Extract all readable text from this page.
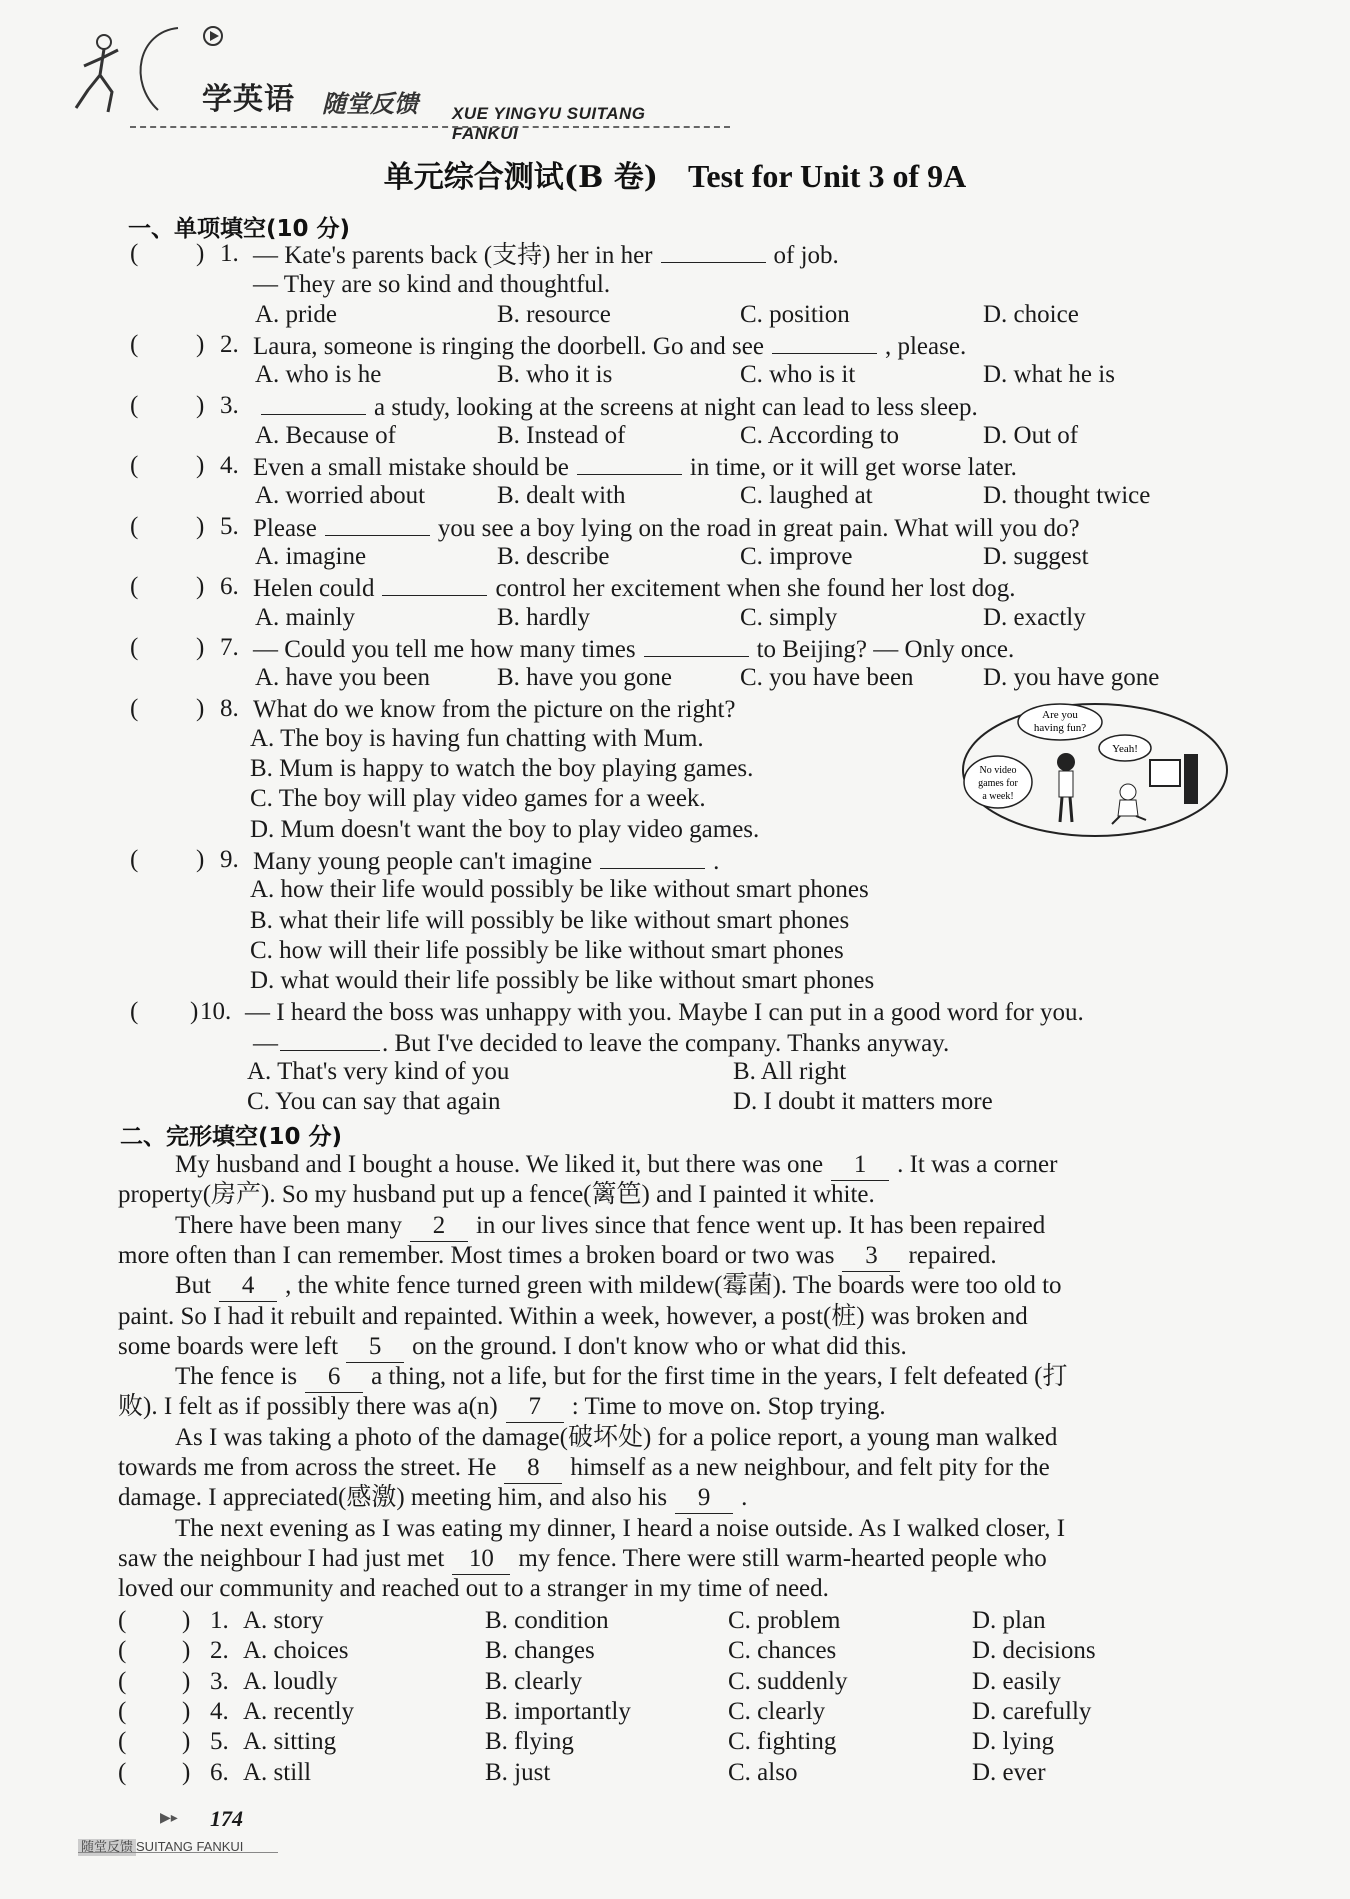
学英语 随堂反馈 XUE YINGYU SUITANG FANKUI
单元综合测试(B 卷) Test for Unit 3 of 9A
一、单项填空(10 分)
( ) 1. — Kate's parents back (支持) her in her	of job.
— They are so kind and thoughtful.
A. pride	B. resource	C. position	D. choice
( ) 2. Laura, someone is ringing the doorbell. Go and see	, please.
A. who is he	B. who it is	C. who is it	D. what he is
( ) 3.	a study, looking at the screens at night can lead to less sleep.
A. Because of	B. Instead of	C. According to	D. Out of
( ) 4. Even a small mistake should be	in time, or it will get worse later.
A. worried about	B. dealt with	C. laughed at	D. thought twice
( ) 5. Please	you see a boy lying on the road in great pain. What will you do?
A. imagine	B. describe	C. improve	D. suggest
( ) 6. Helen could	control her excitement when she found her lost dog.
A. mainly	B. hardly	C. simply	D. exactly
( ) 7. — Could you tell me how many times	to Beijing? — Only once.
A. have you been	B. have you gone	C. you have been	D. you have gone
( ) 8. What do we know from the picture on the right?
A. The boy is having fun chatting with Mum.
B. Mum is happy to watch the boy playing games.
C. The boy will play video games for a week.
D. Mum doesn't want the boy to play video games.
( ) 9. Many young people can't imagine	.
A. how their life would possibly be like without smart phones
B. what their life will possibly be like without smart phones
C. how will their life possibly be like without smart phones
D. what would their life possibly be like without smart phones
( ) 10. — I heard the boss was unhappy with you. Maybe I can put in a good word for you.
—	. But I've decided to leave the company. Thanks anyway.
A. That's very kind of you	B. All right
C. You can say that again	D. I doubt it matters more
Are you
having fun?
Yeah!
No video
games for
a week!
二、完形填空(10 分)
My husband and I bought a house. We liked it, but there was one 1 . It was a corner
property(房产). So my husband put up a fence(篱笆) and I painted it white.
There have been many 2 in our lives since that fence went up. It has been repaired
more often than I can remember. Most times a broken board or two was 3 repaired.
But 4 , the white fence turned green with mildew(霉菌). The boards were too old to
paint. So I had it rebuilt and repainted. Within a week, however, a post(桩) was broken and
some boards were left 5 on the ground. I don't know who or what did this.
The fence is 6 a thing, not a life, but for the first time in the years, I felt defeated (打
败). I felt as if possibly there was a(n) 7 : Time to move on. Stop trying.
As I was taking a photo of the damage(破坏处) for a police report, a young man walked
towards me from across the street. He 8 himself as a new neighbour, and felt pity for the
damage. I appreciated(感激) meeting him, and also his 9 .
The next evening as I was eating my dinner, I heard a noise outside. As I walked closer, I
saw the neighbour I had just met 10 my fence. There were still warm-hearted people who
loved our community and reached out to a stranger in my time of need.
( ) 1. A. story	B. condition	C. problem	D. plan
( ) 2. A. choices	B. changes	C. chances	D. decisions
( ) 3. A. loudly	B. clearly	C. suddenly	D. easily
( ) 4. A. recently	B. importantly	C. clearly	D. carefully
( ) 5. A. sitting	B. flying	C. fighting	D. lying
( ) 6. A. still	B. just	C. also	D. ever
▶▸ 174
随堂反馈 SUITANG FANKUI
